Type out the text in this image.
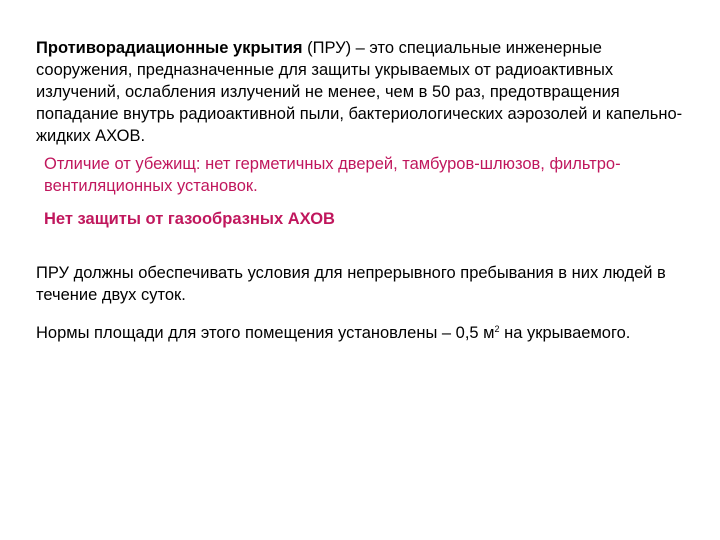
Противорадиационные укрытия (ПРУ) – это специальные инженерные сооружения, предназначенные для защиты укрываемых от радиоактивных излучений, ослабления излучений не менее, чем в 50 раз, предотвращения попадание внутрь радиоактивной пыли, бактериологических аэрозолей и капельно-жидких АХОВ.

Отличие от убежищ: нет герметичных дверей, тамбуров-шлюзов, фильтро-вентиляционных установок.

Нет защиты от газообразных АХОВ

ПРУ должны обеспечивать условия для непрерывного пребывания в них людей в течение двух суток.

Нормы площади для этого помещения установлены – 0,5 $м^2$ на укрываемого.
